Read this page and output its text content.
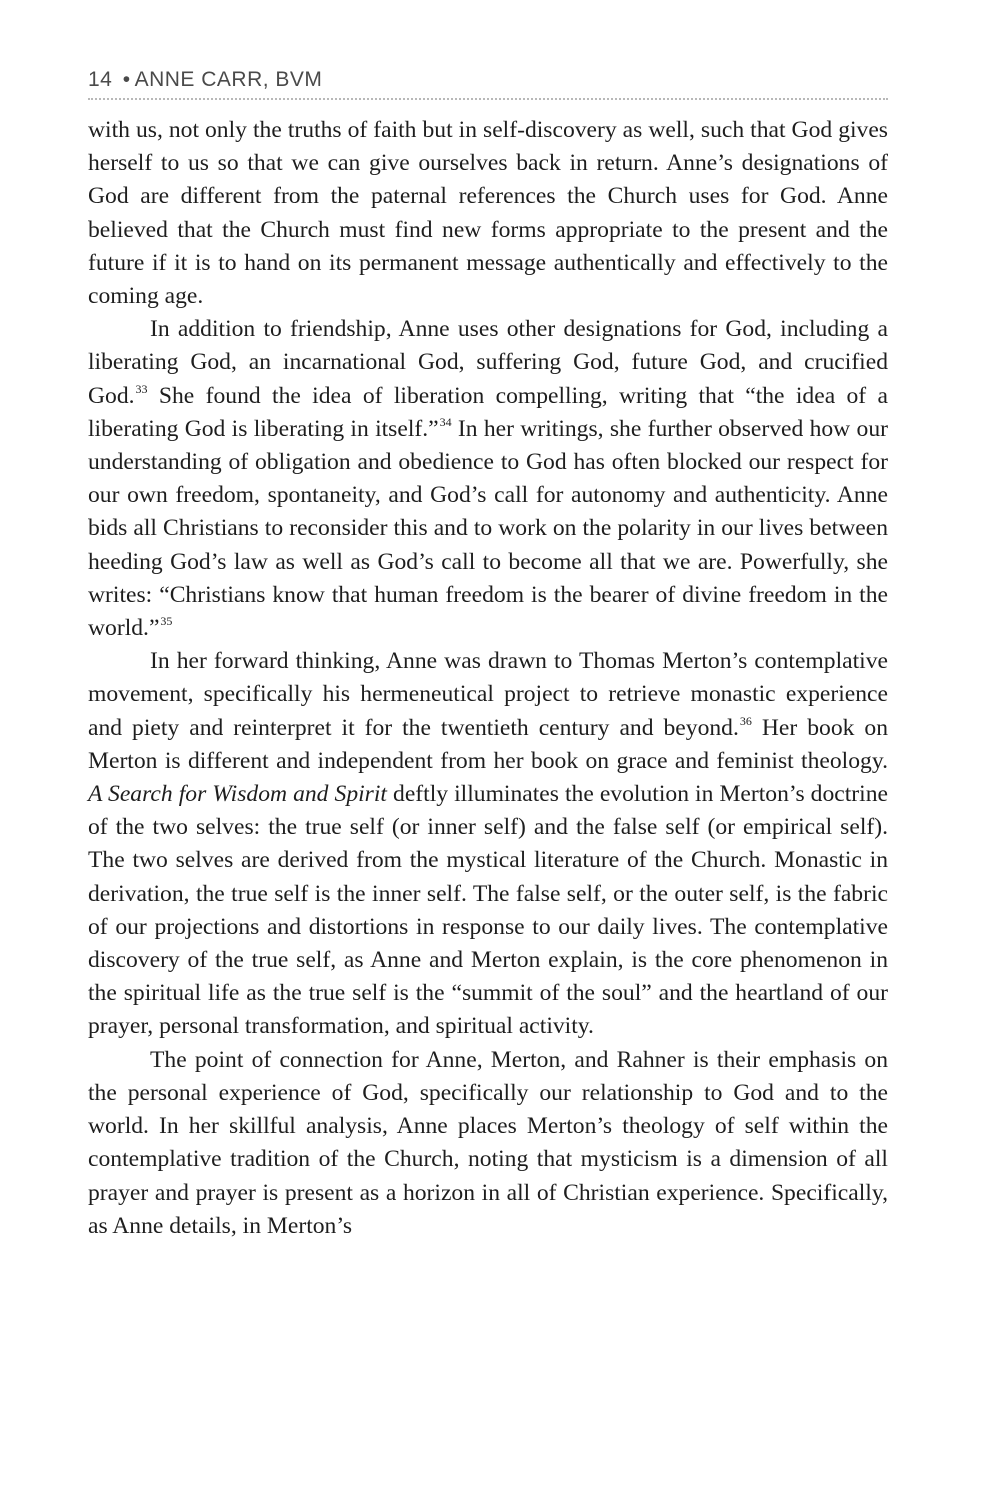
14 • ANNE CARR, BVM

with us, not only the truths of faith but in self-discovery as well, such that God gives herself to us so that we can give ourselves back in return. Anne’s designations of God are different from the paternal references the Church uses for God. Anne believed that the Church must find new forms appropriate to the present and the future if it is to hand on its permanent message authentically and effectively to the coming age.

In addition to friendship, Anne uses other designations for God, including a liberating God, an incarnational God, suffering God, future God, and crucified God.$^{33}$ She found the idea of liberation compelling, writing that “the idea of a liberating God is liberating in itself.”$^{34}$ In her writings, she further observed how our understanding of obligation and obedience to God has often blocked our respect for our own freedom, spontaneity, and God’s call for autonomy and authenticity. Anne bids all Christians to reconsider this and to work on the polarity in our lives between heeding God’s law as well as God’s call to become all that we are. Powerfully, she writes: “Christians know that human freedom is the bearer of divine freedom in the world.”$^{35}$

In her forward thinking, Anne was drawn to Thomas Merton’s contemplative movement, specifically his hermeneutical project to retrieve monastic experience and piety and reinterpret it for the twentieth century and beyond.$^{36}$ Her book on Merton is different and independent from her book on grace and feminist theology. A Search for Wisdom and Spirit deftly illuminates the evolution in Merton’s doctrine of the two selves: the true self (or inner self) and the false self (or empirical self). The two selves are derived from the mystical literature of the Church. Monastic in derivation, the true self is the inner self. The false self, or the outer self, is the fabric of our projections and distortions in response to our daily lives. The contemplative discovery of the true self, as Anne and Merton explain, is the core phenomenon in the spiritual life as the true self is the “summit of the soul” and the heartland of our prayer, personal transformation, and spiritual activity.

The point of connection for Anne, Merton, and Rahner is their emphasis on the personal experience of God, specifically our relationship to God and to the world. In her skillful analysis, Anne places Merton’s theology of self within the contemplative tradition of the Church, noting that mysticism is a dimension of all prayer and prayer is present as a horizon in all of Christian experience. Specifically, as Anne details, in Merton’s
